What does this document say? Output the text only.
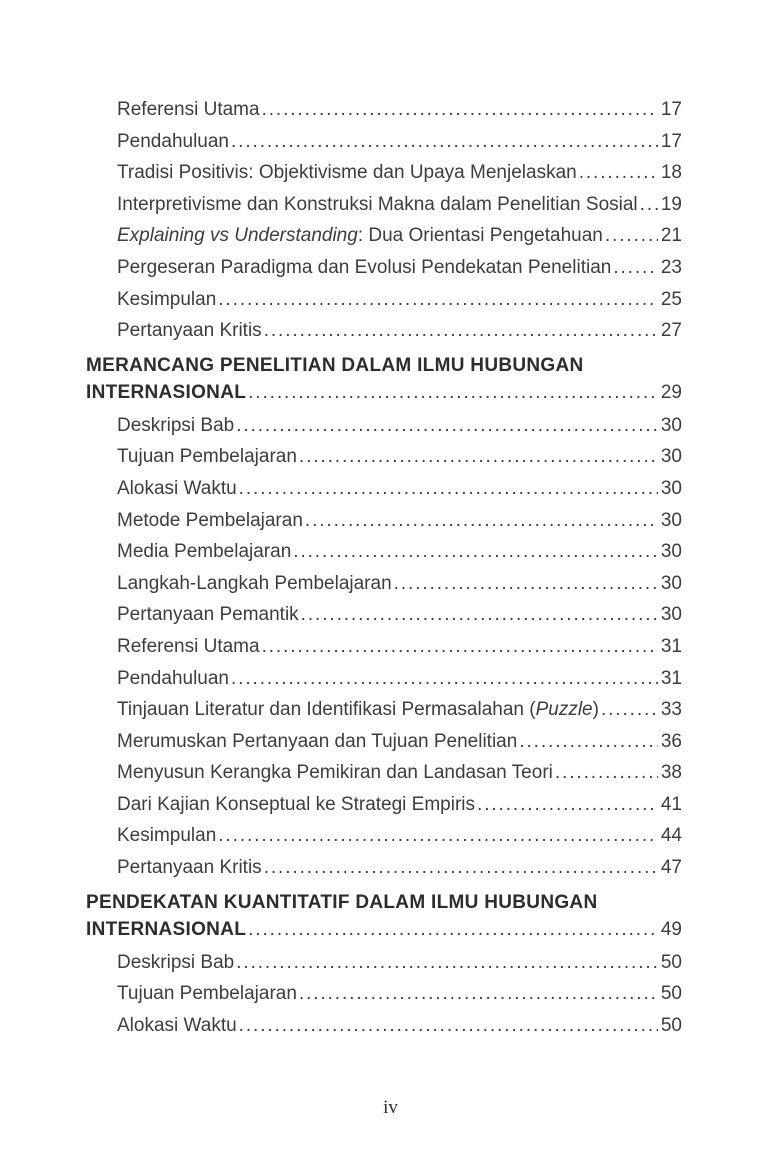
Referensi Utama .....	17
Pendahuluan .....	17
Tradisi Positivis: Objektivisme dan Upaya Menjelaskan .....	18
Interpretivisme dan Konstruksi Makna dalam Penelitian Sosial ..... 19
Explaining vs Understanding: Dua Orientasi Pengetahuan .....	21
Pergeseran Paradigma dan Evolusi Pendekatan Penelitian .....	23
Kesimpulan .....	25
Pertanyaan Kritis .....	27
MERANCANG PENELITIAN DALAM ILMU HUBUNGAN
INTERNASIONAL .....	29
Deskripsi Bab .....	30
Tujuan Pembelajaran .....	30
Alokasi Waktu .....	30
Metode Pembelajaran .....	30
Media Pembelajaran .....	30
Langkah-Langkah Pembelajaran .....	30
Pertanyaan Pemantik .....	30
Referensi Utama .....	31
Pendahuluan .....	31
Tinjauan Literatur dan Identifikasi Permasalahan (Puzzle) .....	33
Merumuskan Pertanyaan dan Tujuan Penelitian .....	36
Menyusun Kerangka Pemikiran dan Landasan Teori .....	38
Dari Kajian Konseptual ke Strategi Empiris .....	41
Kesimpulan .....	44
Pertanyaan Kritis .....	47
PENDEKATAN KUANTITATIF DALAM ILMU HUBUNGAN
INTERNASIONAL .....	49
Deskripsi Bab .....	50
Tujuan Pembelajaran .....	50
Alokasi Waktu .....	50
iv
